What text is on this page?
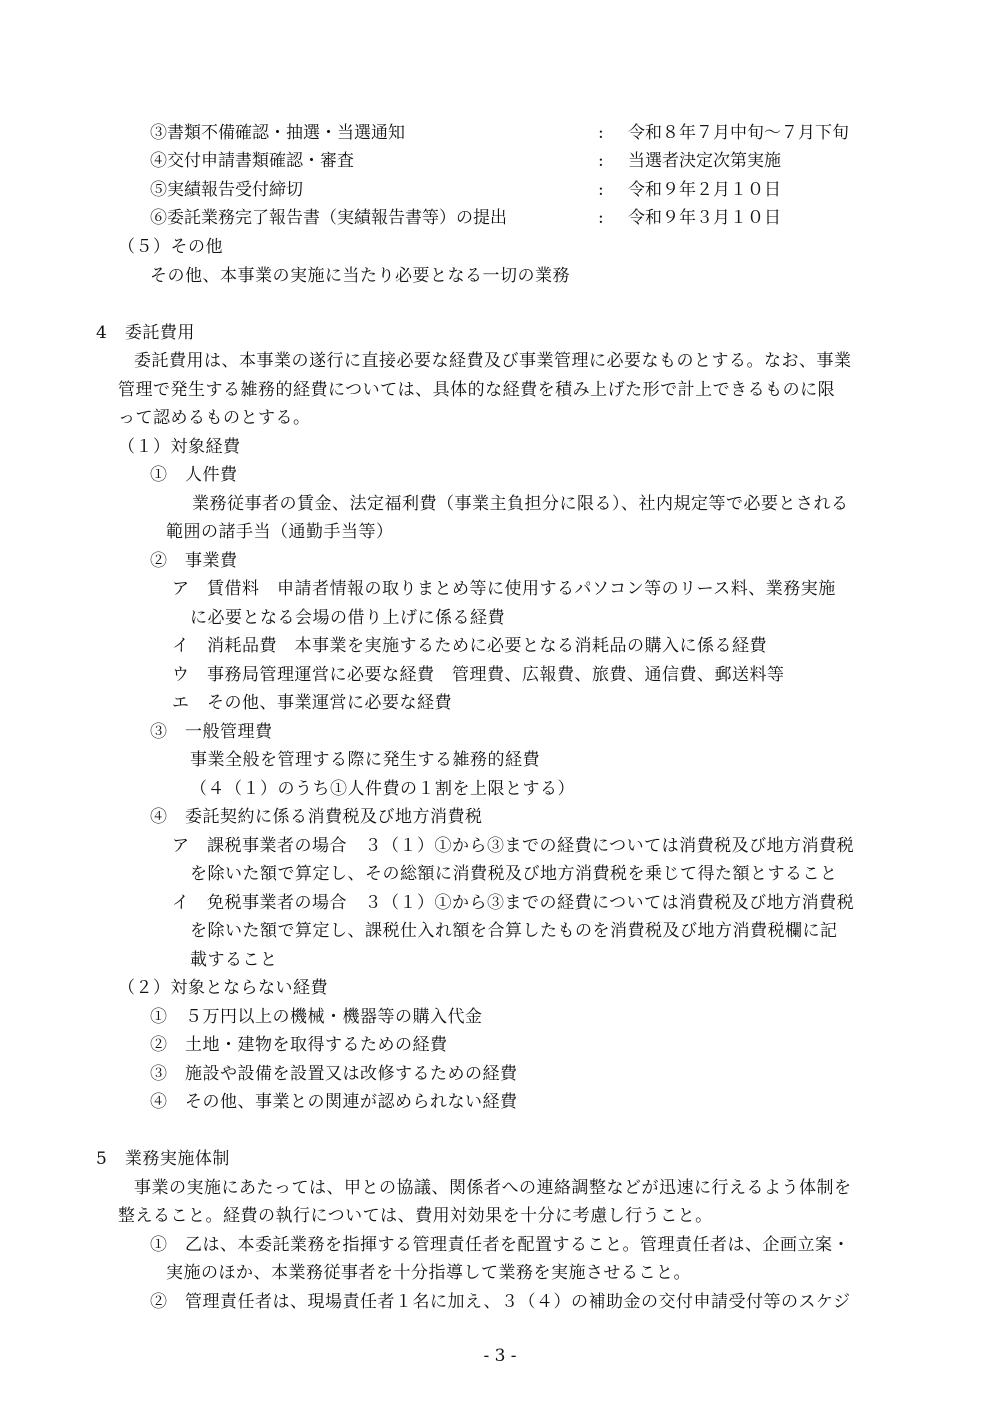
③書類不備確認・抽選・当選通知	: 令和８年７月中旬～７月下旬
④交付申請書類確認・審査	: 当選者決定次第実施
⑤実績報告受付締切	: 令和９年２月１０日
⑥委託業務完了報告書（実績報告書等）の提出	: 令和９年３月１０日
（５）その他
その他、本事業の実施に当たり必要となる一切の業務
4　委託費用
委託費用は、本事業の遂行に直接必要な経費及び事業管理に必要なものとする。なお、事業
管理で発生する雑務的経費については、具体的な経費を積み上げた形で計上できるものに限
って認めるものとする。
（１）対象経費
①　人件費
業務従事者の賃金、法定福利費（事業主負担分に限る）、社内規定等で必要とされる
範囲の諸手当（通勤手当等）
②　事業費
ア　賃借料　申請者情報の取りまとめ等に使用するパソコン等のリース料、業務実施
に必要となる会場の借り上げに係る経費
イ　消耗品費　本事業を実施するために必要となる消耗品の購入に係る経費
ウ　事務局管理運営に必要な経費　管理費、広報費、旅費、通信費、郵送料等
エ　その他、事業運営に必要な経費
③　一般管理費
事業全般を管理する際に発生する雑務的経費
（４（１）のうち①人件費の１割を上限とする）
④　委託契約に係る消費税及び地方消費税
ア　課税事業者の場合　３（１）①から③までの経費については消費税及び地方消費税
を除いた額で算定し、その総額に消費税及び地方消費税を乗じて得た額とすること
イ　免税事業者の場合　３（１）①から③までの経費については消費税及び地方消費税
を除いた額で算定し、課税仕入れ額を合算したものを消費税及び地方消費税欄に記
載すること
（２）対象とならない経費
①　５万円以上の機械・機器等の購入代金
②　土地・建物を取得するための経費
③　施設や設備を設置又は改修するための経費
④　その他、事業との関連が認められない経費
5　業務実施体制
事業の実施にあたっては、甲との協議、関係者への連絡調整などが迅速に行えるよう体制を
整えること。経費の執行については、費用対効果を十分に考慮し行うこと。
①　乙は、本委託業務を指揮する管理責任者を配置すること。管理責任者は、企画立案・
実施のほか、本業務従事者を十分指導して業務を実施させること。
②　管理責任者は、現場責任者１名に加え、３（４）の補助金の交付申請受付等のスケジ
- 3 -
